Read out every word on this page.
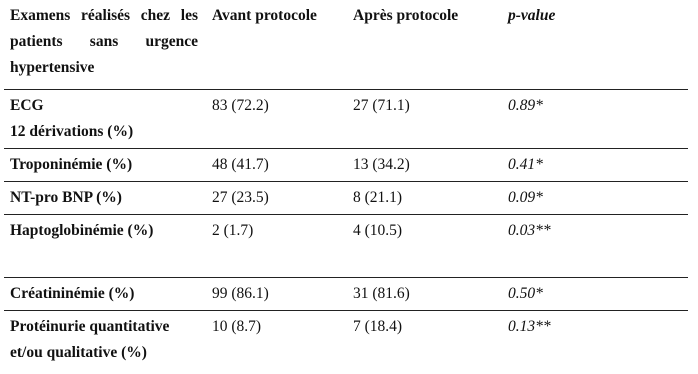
Examens réalisés chez les patients sans urgence hypertensive	Avant protocole	Après protocole	p-value

ECG
12 dérivations (%)	83 (72.2)	27 (71.1)	0.89*
Troponinémie (%)	48 (41.7)	13 (34.2)	0.41*
NT-pro BNP (%)	27 (23.5)	8 (21.1)	0.09*
Haptoglobinémie (%)	2 (1.7)	4 (10.5)	0.03**
Créatininémie (%)	99 (86.1)	31 (81.6)	0.50*

Protéinurie quantitative
et/ou qualitative (%)	10 (8.7)	7 (18.4)	0.13**
